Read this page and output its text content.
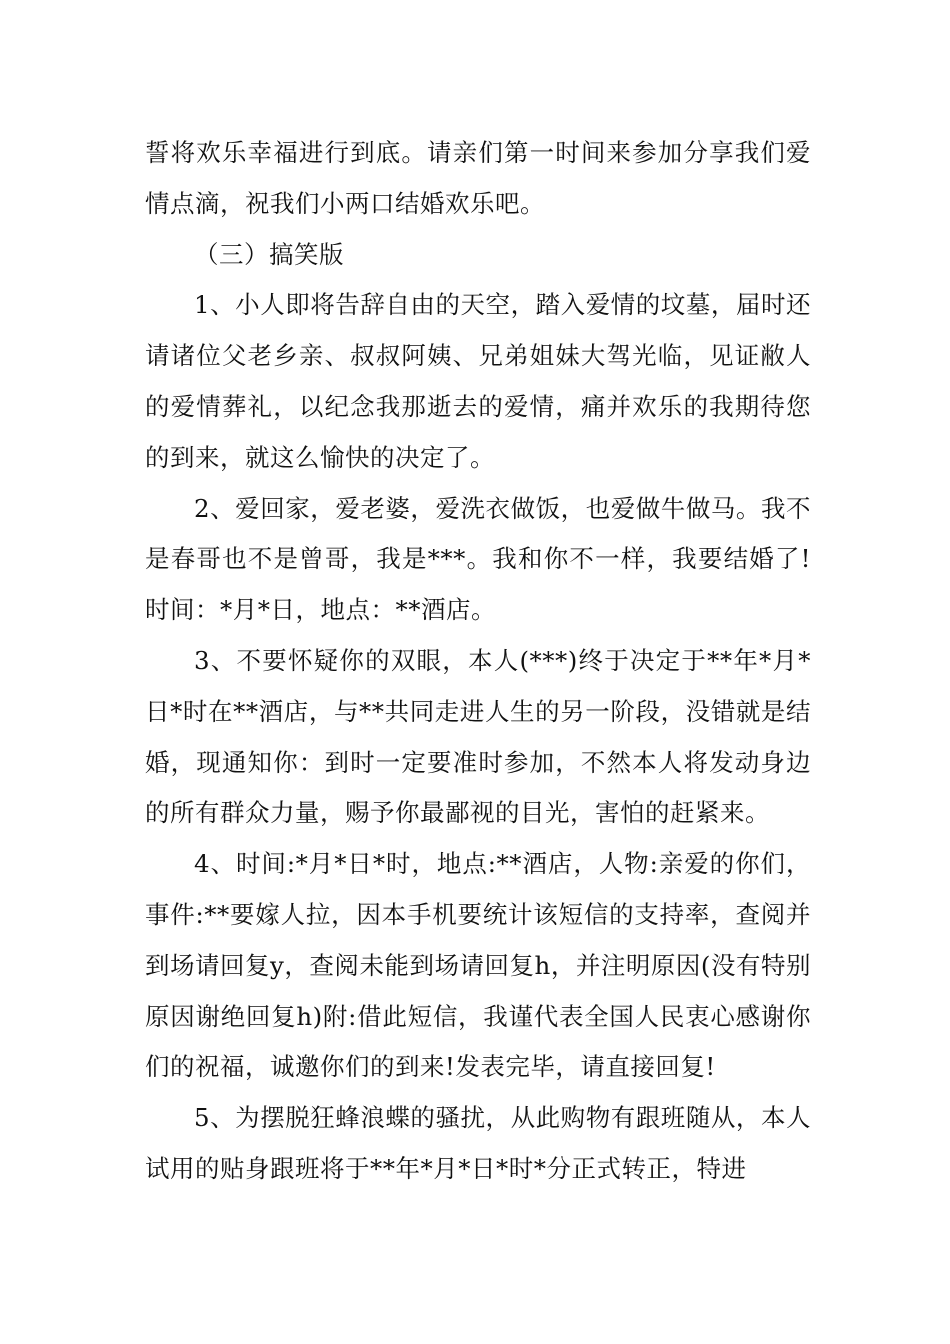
誓将欢乐幸福进行到底。请亲们第一时间来参加分享我们爱情点滴，祝我们小两口结婚欢乐吧。

（三）搞笑版

1、小人即将告辞自由的天空，踏入爱情的坟墓，届时还请诸位父老乡亲、叔叔阿姨、兄弟姐妹大驾光临，见证敝人的爱情葬礼，以纪念我那逝去的爱情，痛并欢乐的我期待您的到来，就这么愉快的决定了。

2、爱回家，爱老婆，爱洗衣做饭，也爱做牛做马。我不是春哥也不是曾哥，我是***。我和你不一样，我要结婚了!时间：*月*日，地点：**酒店。

3、不要怀疑你的双眼，本人(***)终于决定于**年*月*日*时在**酒店，与**共同走进人生的另一阶段，没错就是结婚，现通知你：到时一定要准时参加，不然本人将发动身边的所有群众力量，赐予你最鄙视的目光，害怕的赶紧来。

4、时间:*月*日*时，地点:**酒店，人物:亲爱的你们，事件:**要嫁人拉，因本手机要统计该短信的支持率，查阅并到场请回复y，查阅未能到场请回复h，并注明原因(没有特别原因谢绝回复h)附:借此短信，我谨代表全国人民衷心感谢你们的祝福，诚邀你们的到来!发表完毕，请直接回复!

5、为摆脱狂蜂浪蝶的骚扰，从此购物有跟班随从，本人试用的贴身跟班将于**年*月*日*时*分正式转正，特进
